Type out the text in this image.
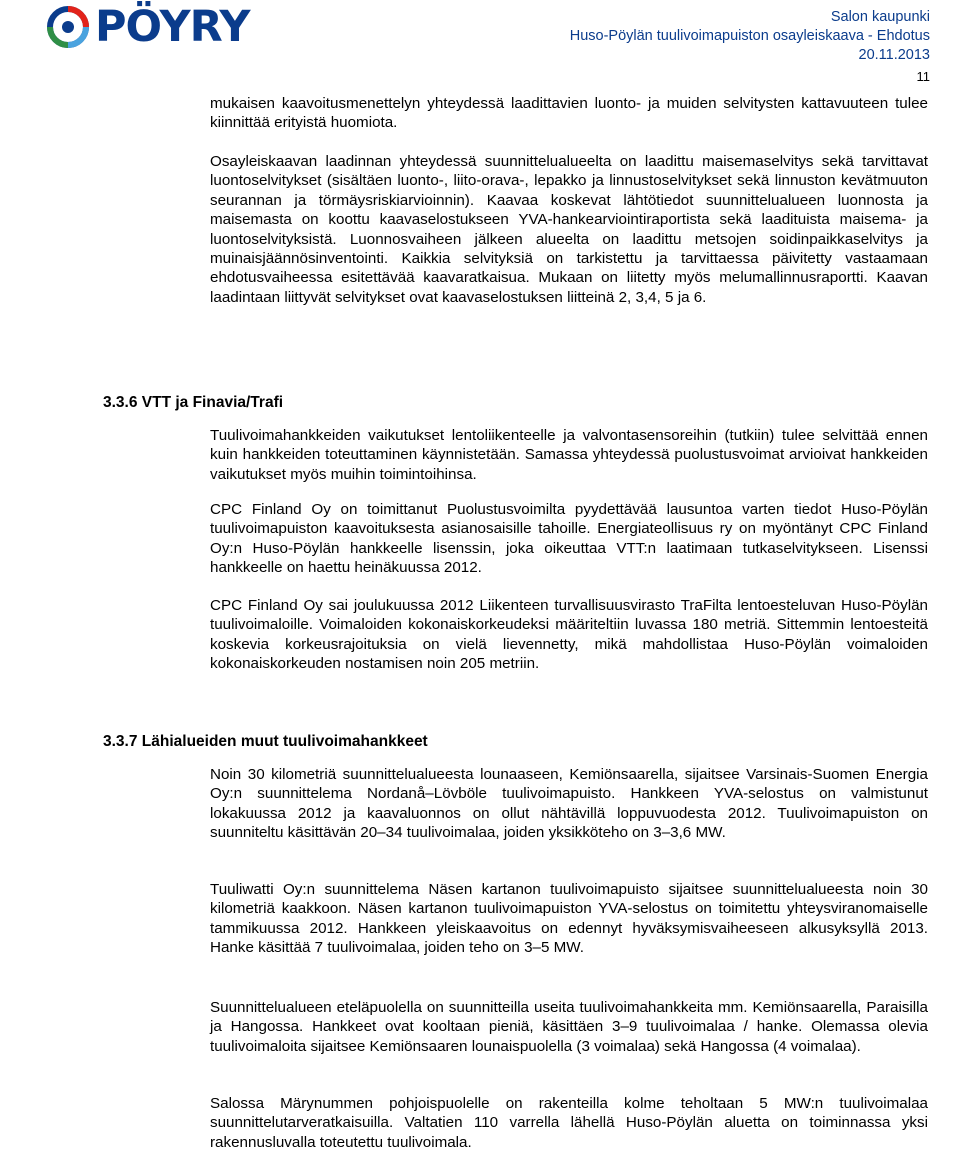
PÖYRY	Salon kaupunki
Huso-Pöylän tuulivoimapuiston osayleiskaava - Ehdotus
20.11.2013
11

mukaisen kaavoitusmenettelyn yhteydessä laadittavien luonto- ja muiden selvitysten kattavuuteen tulee kiinnittää erityistä huomiota.

Osayleiskaavan laadinnan yhteydessä suunnittelualueelta on laadittu maisemaselvitys sekä tarvittavat luontoselvitykset (sisältäen luonto-, liito-orava-, lepakko ja linnustoselvitykset sekä linnuston kevätmuuton seurannan ja törmäysriskiarvioinnin). Kaavaa koskevat lähtötiedot suunnittelualueen luonnosta ja maisemasta on koottu kaavaselostukseen YVA-hankearviointiraportista sekä laadituista maisema- ja luontoselvityksistä. Luonnosvaiheen jälkeen alueelta on laadittu metsojen soidinpaikkaselvitys ja muinaisjäännösinventointi. Kaikkia selvityksiä on tarkistettu ja tarvittaessa päivitetty vastaamaan ehdotusvaiheessa esitettävää kaavaratkaisua. Mukaan on liitetty myös melumallinnusraportti. Kaavan laadintaan liittyvät selvitykset ovat kaavaselostuksen liitteinä 2, 3,4, 5 ja 6.

3.3.6 VTT ja Finavia/Trafi

Tuulivoimahankkeiden vaikutukset lentoliikenteelle ja valvontasensoreihin (tutkiin) tulee selvittää ennen kuin hankkeiden toteuttaminen käynnistetään. Samassa yhteydessä puolustusvoimat arvioivat hankkeiden vaikutukset myös muihin toimintoihinsa.

CPC Finland Oy on toimittanut Puolustusvoimilta pyydettävää lausuntoa varten tiedot Huso-Pöylän tuulivoimapuiston kaavoituksesta asianosaisille tahoille. Energiateollisuus ry on myöntänyt CPC Finland Oy:n Huso-Pöylän hankkeelle lisenssin, joka oikeuttaa VTT:n laatimaan tutkaselvitykseen. Lisenssi hankkeelle on haettu heinäkuussa 2012.

CPC Finland Oy sai joulukuussa 2012 Liikenteen turvallisuusvirasto TraFilta lentoesteluvan Huso-Pöylän tuulivoimaloille. Voimaloiden kokonaiskorkeudeksi määriteltiin luvassa 180 metriä. Sittemmin lentoesteitä koskevia korkeusrajoituksia on vielä lievennetty, mikä mahdollistaa Huso-Pöylän voimaloiden kokonaiskorkeuden nostamisen noin 205 metriin.

3.3.7 Lähialueiden muut tuulivoimahankkeet

Noin 30 kilometriä suunnittelualueesta lounaaseen, Kemiönsaarella, sijaitsee Varsinais-Suomen Energia Oy:n suunnittelema Nordanå–Lövböle tuulivoimapuisto. Hankkeen YVA-selostus on valmistunut lokakuussa 2012 ja kaavaluonnos on ollut nähtävillä loppuvuodesta 2012. Tuulivoimapuiston on suunniteltu käsittävän 20–34 tuulivoimalaa, joiden yksikköteho on 3–3,6 MW.

Tuuliwatti Oy:n suunnittelema Näsen kartanon tuulivoimapuisto sijaitsee suunnittelualueesta noin 30 kilometriä kaakkoon. Näsen kartanon tuulivoimapuiston YVA-selostus on toimitettu yhteysviranomaiselle tammikuussa 2012. Hankkeen yleiskaavoitus on edennyt hyväksymisvaiheeseen alkusyksyllä 2013. Hanke käsittää 7 tuulivoimalaa, joiden teho on 3–5 MW.

Suunnittelualueen eteläpuolella on suunnitteilla useita tuulivoimahankkeita mm. Kemiönsaarella, Paraisilla ja Hangossa. Hankkeet ovat kooltaan pieniä, käsittäen 3–9 tuulivoimalaa / hanke. Olemassa olevia tuulivoimaloita sijaitsee Kemiönsaaren lounaispuolella (3 voimalaa) sekä Hangossa (4 voimalaa).

Salossa Märynummen pohjoispuolelle on rakenteilla kolme teholtaan 5 MW:n tuulivoimalaa suunnittelutarveratkaisuilla. Valtatien 110 varrella lähellä Huso-Pöylän aluetta on toiminnassa yksi rakennusluvalla toteutettu tuulivoimala.
